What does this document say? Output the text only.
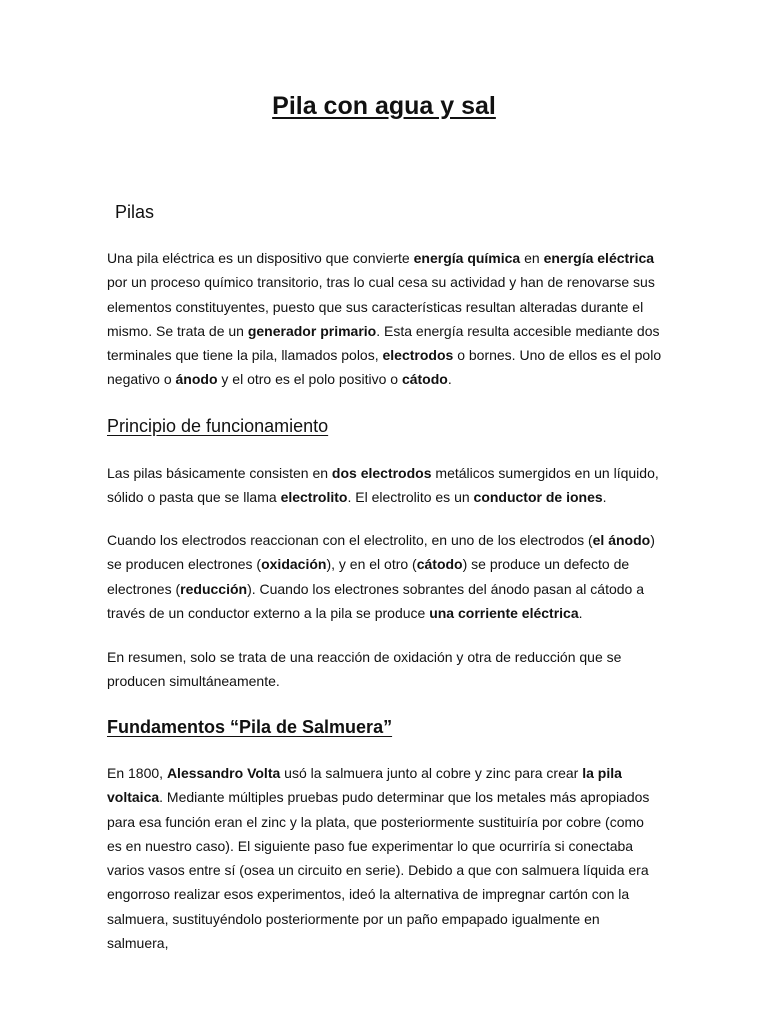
Pila con agua y sal
Pilas

Una pila eléctrica es un dispositivo que convierte energía química en energía eléctrica por un proceso químico transitorio, tras lo cual cesa su actividad y han de renovarse sus elementos constituyentes, puesto que sus características resultan alteradas durante el mismo. Se trata de un generador primario. Esta energía resulta accesible mediante dos terminales que tiene la pila, llamados polos, electrodos o bornes. Uno de ellos es el polo negativo o ánodo y el otro es el polo positivo o cátodo.

Principio de funcionamiento

Las pilas básicamente consisten en dos electrodos metálicos sumergidos en un líquido, sólido o pasta que se llama electrolito. El electrolito es un conductor de iones.

Cuando los electrodos reaccionan con el electrolito, en uno de los electrodos (el ánodo) se producen electrones (oxidación), y en el otro (cátodo) se produce un defecto de electrones (reducción). Cuando los electrones sobrantes del ánodo pasan al cátodo a través de un conductor externo a la pila se produce una corriente eléctrica.

En resumen, solo se trata de una reacción de oxidación y otra de reducción que se producen simultáneamente.

Fundamentos “Pila de Salmuera”

En 1800, Alessandro Volta usó la salmuera junto al cobre y zinc para crear la pila voltaica. Mediante múltiples pruebas pudo determinar que los metales más apropiados para esa función eran el zinc y la plata, que posteriormente sustituiría por cobre (como es en nuestro caso). El siguiente paso fue experimentar lo que ocurriría si conectaba varios vasos entre sí (osea un circuito en serie). Debido a que con salmuera líquida era engorroso realizar esos experimentos, ideó la alternativa de impregnar cartón con la salmuera, sustituyéndolo posteriormente por un paño empapado igualmente en salmuera,
